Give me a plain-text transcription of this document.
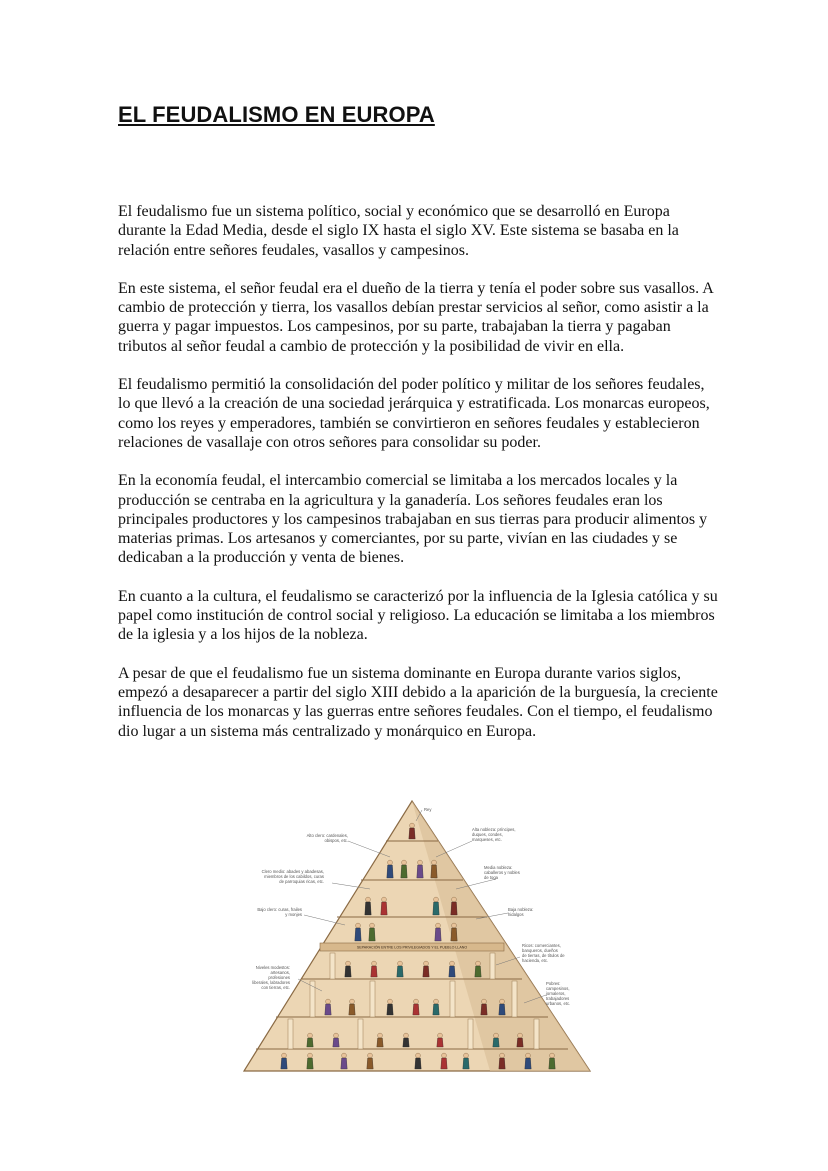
EL FEUDALISMO EN EUROPA

El feudalismo fue un sistema político, social y económico que se desarrolló en Europa durante la Edad Media, desde el siglo IX hasta el siglo XV. Este sistema se basaba en la relación entre señores feudales, vasallos y campesinos.

En este sistema, el señor feudal era el dueño de la tierra y tenía el poder sobre sus vasallos. A cambio de protección y tierra, los vasallos debían prestar servicios al señor, como asistir a la guerra y pagar impuestos. Los campesinos, por su parte, trabajaban la tierra y pagaban tributos al señor feudal a cambio de protección y la posibilidad de vivir en ella.

El feudalismo permitió la consolidación del poder político y militar de los señores feudales, lo que llevó a la creación de una sociedad jerárquica y estratificada. Los monarcas europeos, como los reyes y emperadores, también se convirtieron en señores feudales y establecieron relaciones de vasallaje con otros señores para consolidar su poder.

En la economía feudal, el intercambio comercial se limitaba a los mercados locales y la producción se centraba en la agricultura y la ganadería. Los señores feudales eran los principales productores y los campesinos trabajaban en sus tierras para producir alimentos y materias primas. Los artesanos y comerciantes, por su parte, vivían en las ciudades y se dedicaban a la producción y venta de bienes.

En cuanto a la cultura, el feudalismo se caracterizó por la influencia de la Iglesia católica y su papel como institución de control social y religioso. La educación se limitaba a los miembros de la iglesia y a los hijos de la nobleza.

A pesar de que el feudalismo fue un sistema dominante en Europa durante varios siglos, empezó a desaparecer a partir del siglo XIII debido a la aparición de la burguesía, la creciente influencia de los monarcas y las guerras entre señores feudales. Con el tiempo, el feudalismo dio lugar a un sistema más centralizado y monárquico en Europa.

SEPARACIÓN ENTRE LOS PRIVILEGIADOS Y EL PUEBLO LLANO
Rey
Alto clero: cardenales, obispos, etc.
Clero medio: abades y abadesas, miembros de los cabildos, curas de parroquias ricas, etc.
Bajo clero: curas, frailes y monjes
Niveles modestos: artesanos, profesiones liberales, labradores con tierras, etc.
Alta nobleza: príncipes, duques, condes, marqueses, etc.
Media nobleza: caballeros y nobles de toga
Baja nobleza: hidalgos
Ricos: comerciantes, banqueros, dueños de tierras, de títulos de hacienda, etc.
Pobres: campesinos, jornaleros, trabajadores urbanos, etc.
